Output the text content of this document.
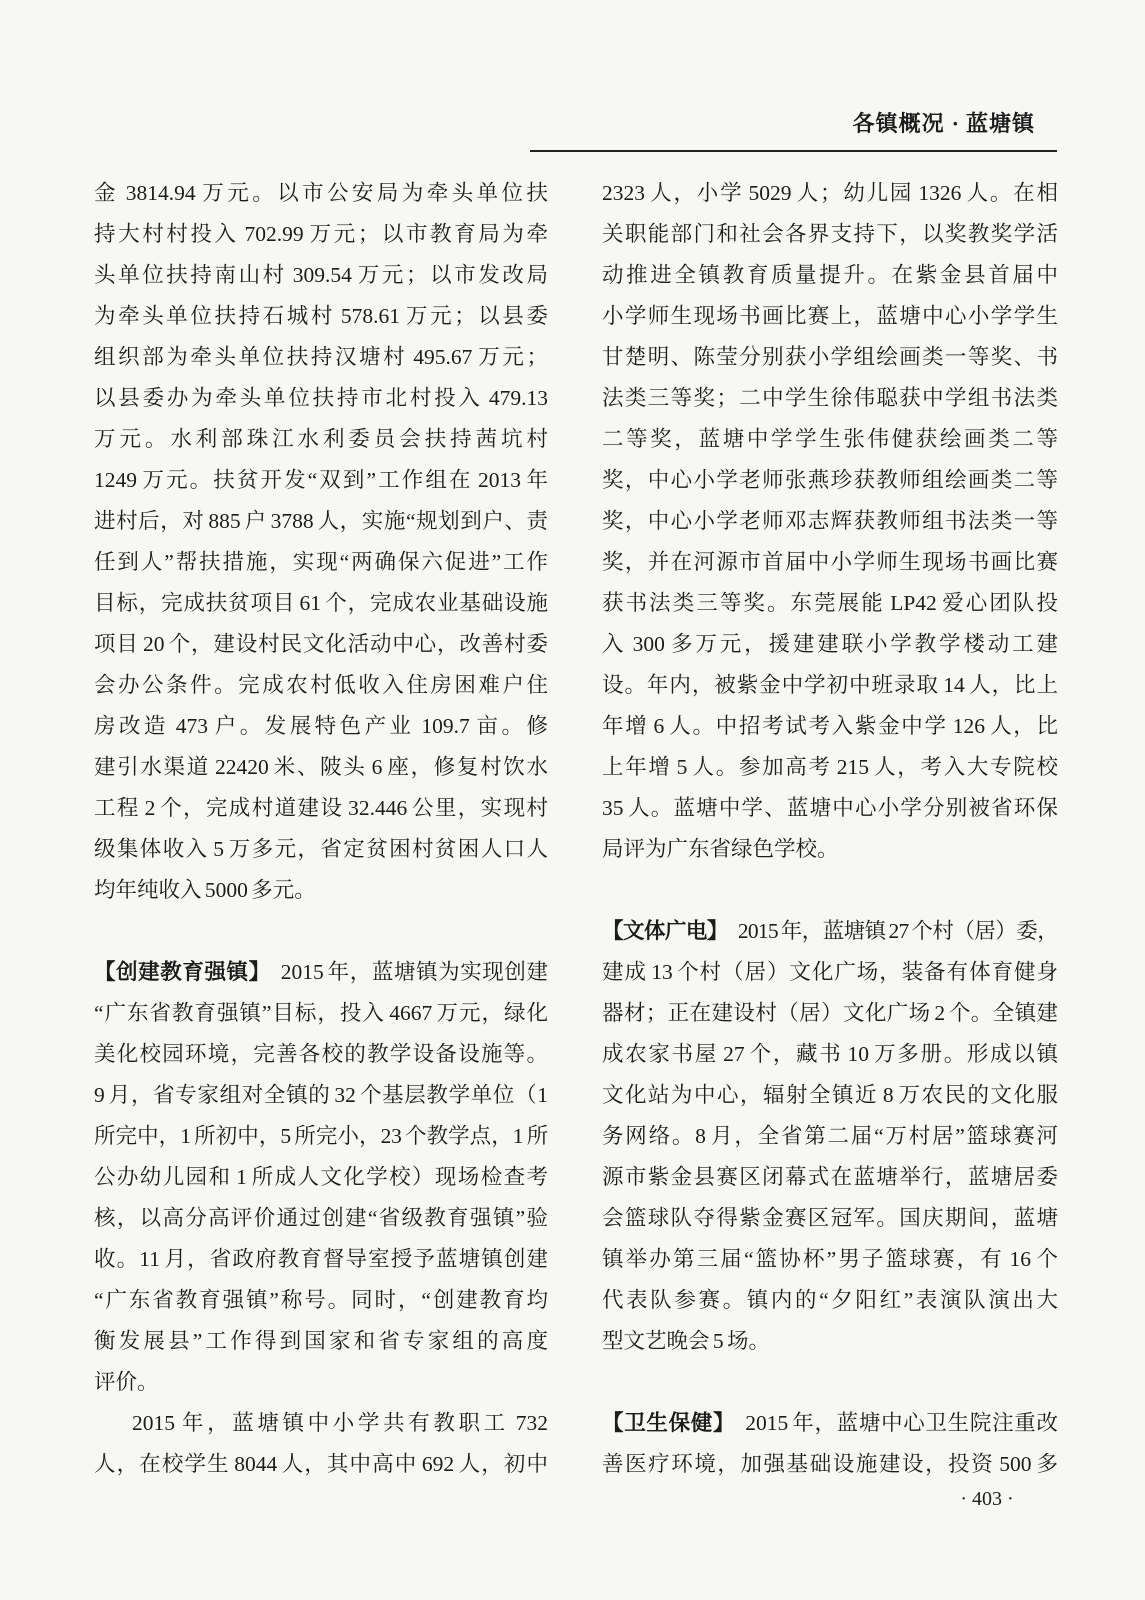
各镇概况 · 蓝塘镇
金 3814.94 万元。以市公安局为牵头单位扶
持大村村投入 702.99 万元；以市教育局为牵
头单位扶持南山村 309.54 万元；以市发改局
为牵头单位扶持石城村 578.61 万元；以县委
组织部为牵头单位扶持汉塘村 495.67 万元；
以县委办为牵头单位扶持市北村投入 479.13
万元。水利部珠江水利委员会扶持茜坑村
1249 万元。扶贫开发“双到”工作组在 2013 年
进村后，对 885 户 3788 人，实施“规划到户、责
任到人”帮扶措施，实现“两确保六促进”工作
目标，完成扶贫项目 61 个，完成农业基础设施
项目 20 个，建设村民文化活动中心，改善村委
会办公条件。完成农村低收入住房困难户住
房改造 473 户。发展特色产业 109.7 亩。修
建引水渠道 22420 米、陂头 6 座，修复村饮水
工程 2 个，完成村道建设 32.446 公里，实现村
级集体收入 5 万多元，省定贫困村贫困人口人
均年纯收入 5000 多元。
【创建教育强镇】 2015 年，蓝塘镇为实现创建
“广东省教育强镇”目标，投入 4667 万元，绿化
美化校园环境，完善各校的教学设备设施等。
9 月，省专家组对全镇的 32 个基层教学单位（1
所完中，1 所初中，5 所完小，23 个教学点，1 所
公办幼儿园和 1 所成人文化学校）现场检查考
核，以高分高评价通过创建“省级教育强镇”验
收。11 月，省政府教育督导室授予蓝塘镇创建
“广东省教育强镇”称号。同时，“创建教育均
衡发展县”工作得到国家和省专家组的高度
评价。
2015 年，蓝塘镇中小学共有教职工 732
人，在校学生 8044 人，其中高中 692 人，初中
2323 人，小学 5029 人；幼儿园 1326 人。在相
关职能部门和社会各界支持下，以奖教奖学活
动推进全镇教育质量提升。在紫金县首届中
小学师生现场书画比赛上，蓝塘中心小学学生
甘楚明、陈莹分别获小学组绘画类一等奖、书
法类三等奖；二中学生徐伟聪获中学组书法类
二等奖，蓝塘中学学生张伟健获绘画类二等
奖，中心小学老师张燕珍获教师组绘画类二等
奖，中心小学老师邓志辉获教师组书法类一等
奖，并在河源市首届中小学师生现场书画比赛
获书法类三等奖。东莞展能 LP42 爱心团队投
入 300 多万元，援建建联小学教学楼动工建
设。年内，被紫金中学初中班录取 14 人，比上
年增 6 人。中招考试考入紫金中学 126 人，比
上年增 5 人。参加高考 215 人，考入大专院校
35 人。蓝塘中学、蓝塘中心小学分别被省环保
局评为广东省绿色学校。
【文体广电】 2015 年，蓝塘镇 27 个村（居）委，
建成 13 个村（居）文化广场，装备有体育健身
器材；正在建设村（居）文化广场 2 个。全镇建
成农家书屋 27 个，藏书 10 万多册。形成以镇
文化站为中心，辐射全镇近 8 万农民的文化服
务网络。8 月，全省第二届“万村居”篮球赛河
源市紫金县赛区闭幕式在蓝塘举行，蓝塘居委
会篮球队夺得紫金赛区冠军。国庆期间，蓝塘
镇举办第三届“篮协杯”男子篮球赛，有 16 个
代表队参赛。镇内的“夕阳红”表演队演出大
型文艺晚会 5 场。
【卫生保健】 2015 年，蓝塘中心卫生院注重改
善医疗环境，加强基础设施建设，投资 500 多
· 403 ·
